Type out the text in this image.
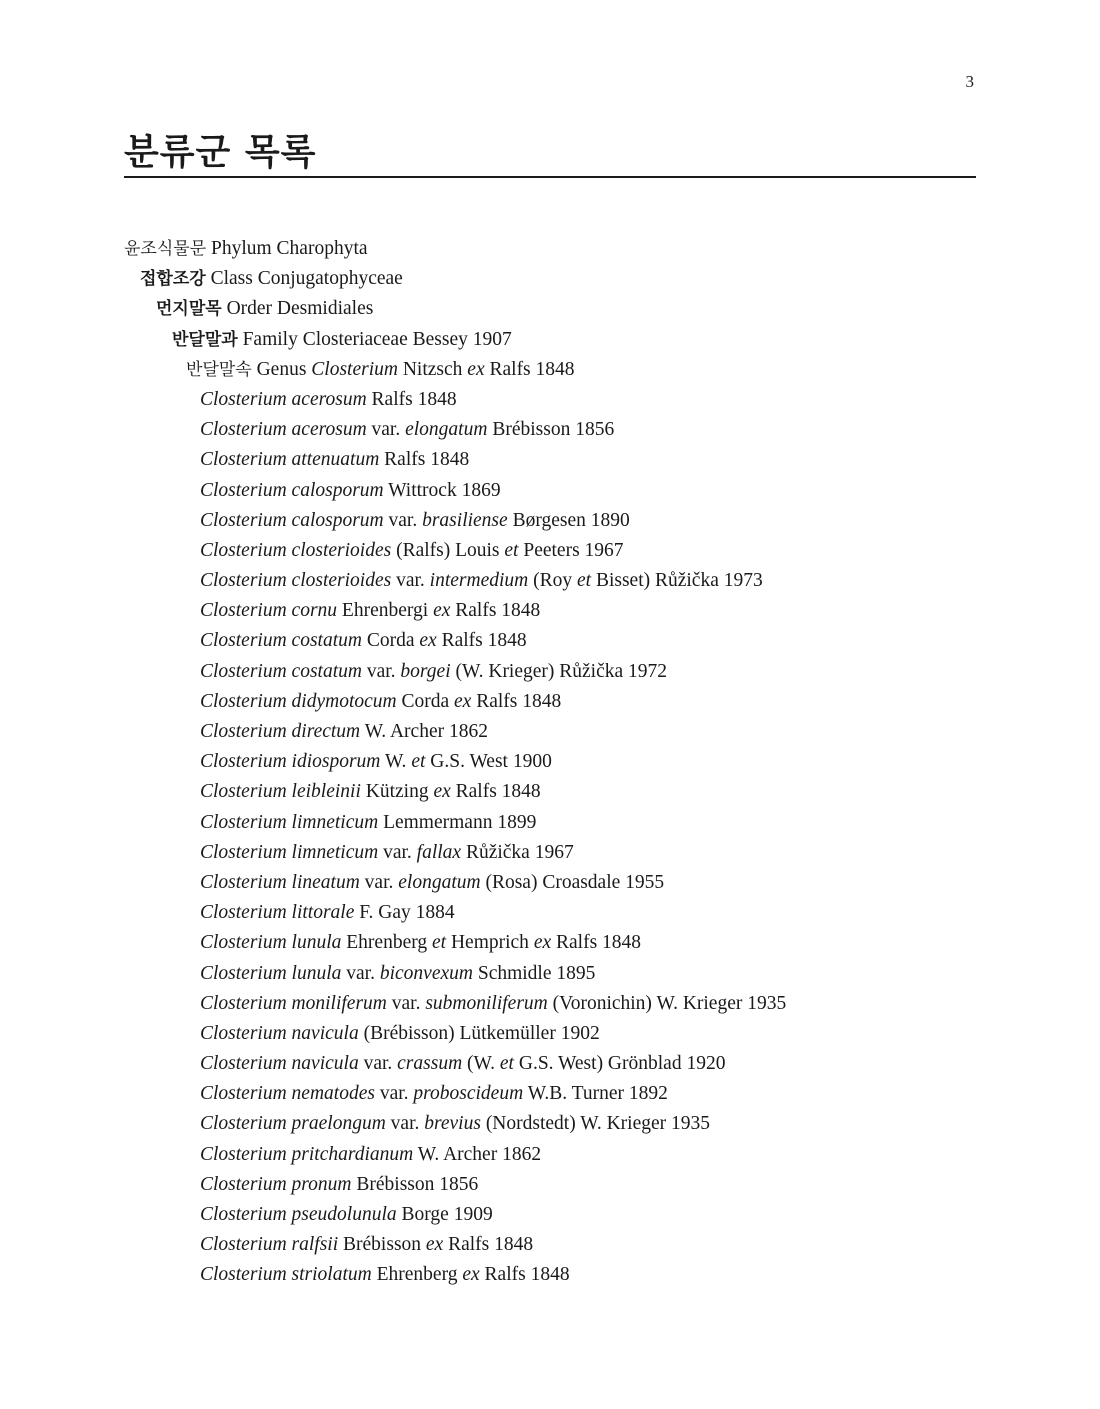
3
분류군 목록
윤조식물문 Phylum Charophyta
접합조강 Class Conjugatophyceae
먼지말목 Order Desmidiales
반달말과 Family Closteriaceae Bessey 1907
반달말속 Genus Closterium Nitzsch ex Ralfs 1848
Closterium acerosum Ralfs 1848
Closterium acerosum var. elongatum Brébisson 1856
Closterium attenuatum Ralfs 1848
Closterium calosporum Wittrock 1869
Closterium calosporum var. brasiliense Børgesen 1890
Closterium closterioides (Ralfs) Louis et Peeters 1967
Closterium closterioides var. intermedium (Roy et Bisset) Růžička 1973
Closterium cornu Ehrenbergi ex Ralfs 1848
Closterium costatum Corda ex Ralfs 1848
Closterium costatum var. borgei (W. Krieger) Růžička 1972
Closterium didymotocum Corda ex Ralfs 1848
Closterium directum W. Archer 1862
Closterium idiosporum W. et G.S. West 1900
Closterium leibleinii Kützing ex Ralfs 1848
Closterium limneticum Lemmermann 1899
Closterium limneticum var. fallax Růžička 1967
Closterium lineatum var. elongatum (Rosa) Croasdale 1955
Closterium littorale F. Gay 1884
Closterium lunula Ehrenberg et Hemprich ex Ralfs 1848
Closterium lunula var. biconvexum Schmidle 1895
Closterium moniliferum var. submoniliferum (Voronichin) W. Krieger 1935
Closterium navicula (Brébisson) Lütkemüller 1902
Closterium navicula var. crassum (W. et G.S. West) Grönblad 1920
Closterium nematodes var. proboscideum W.B. Turner 1892
Closterium praelongum var. brevius (Nordstedt) W. Krieger 1935
Closterium pritchardianum W. Archer 1862
Closterium pronum Brébisson 1856
Closterium pseudolunula Borge 1909
Closterium ralfsii Brébisson ex Ralfs 1848
Closterium striolatum Ehrenberg ex Ralfs 1848
